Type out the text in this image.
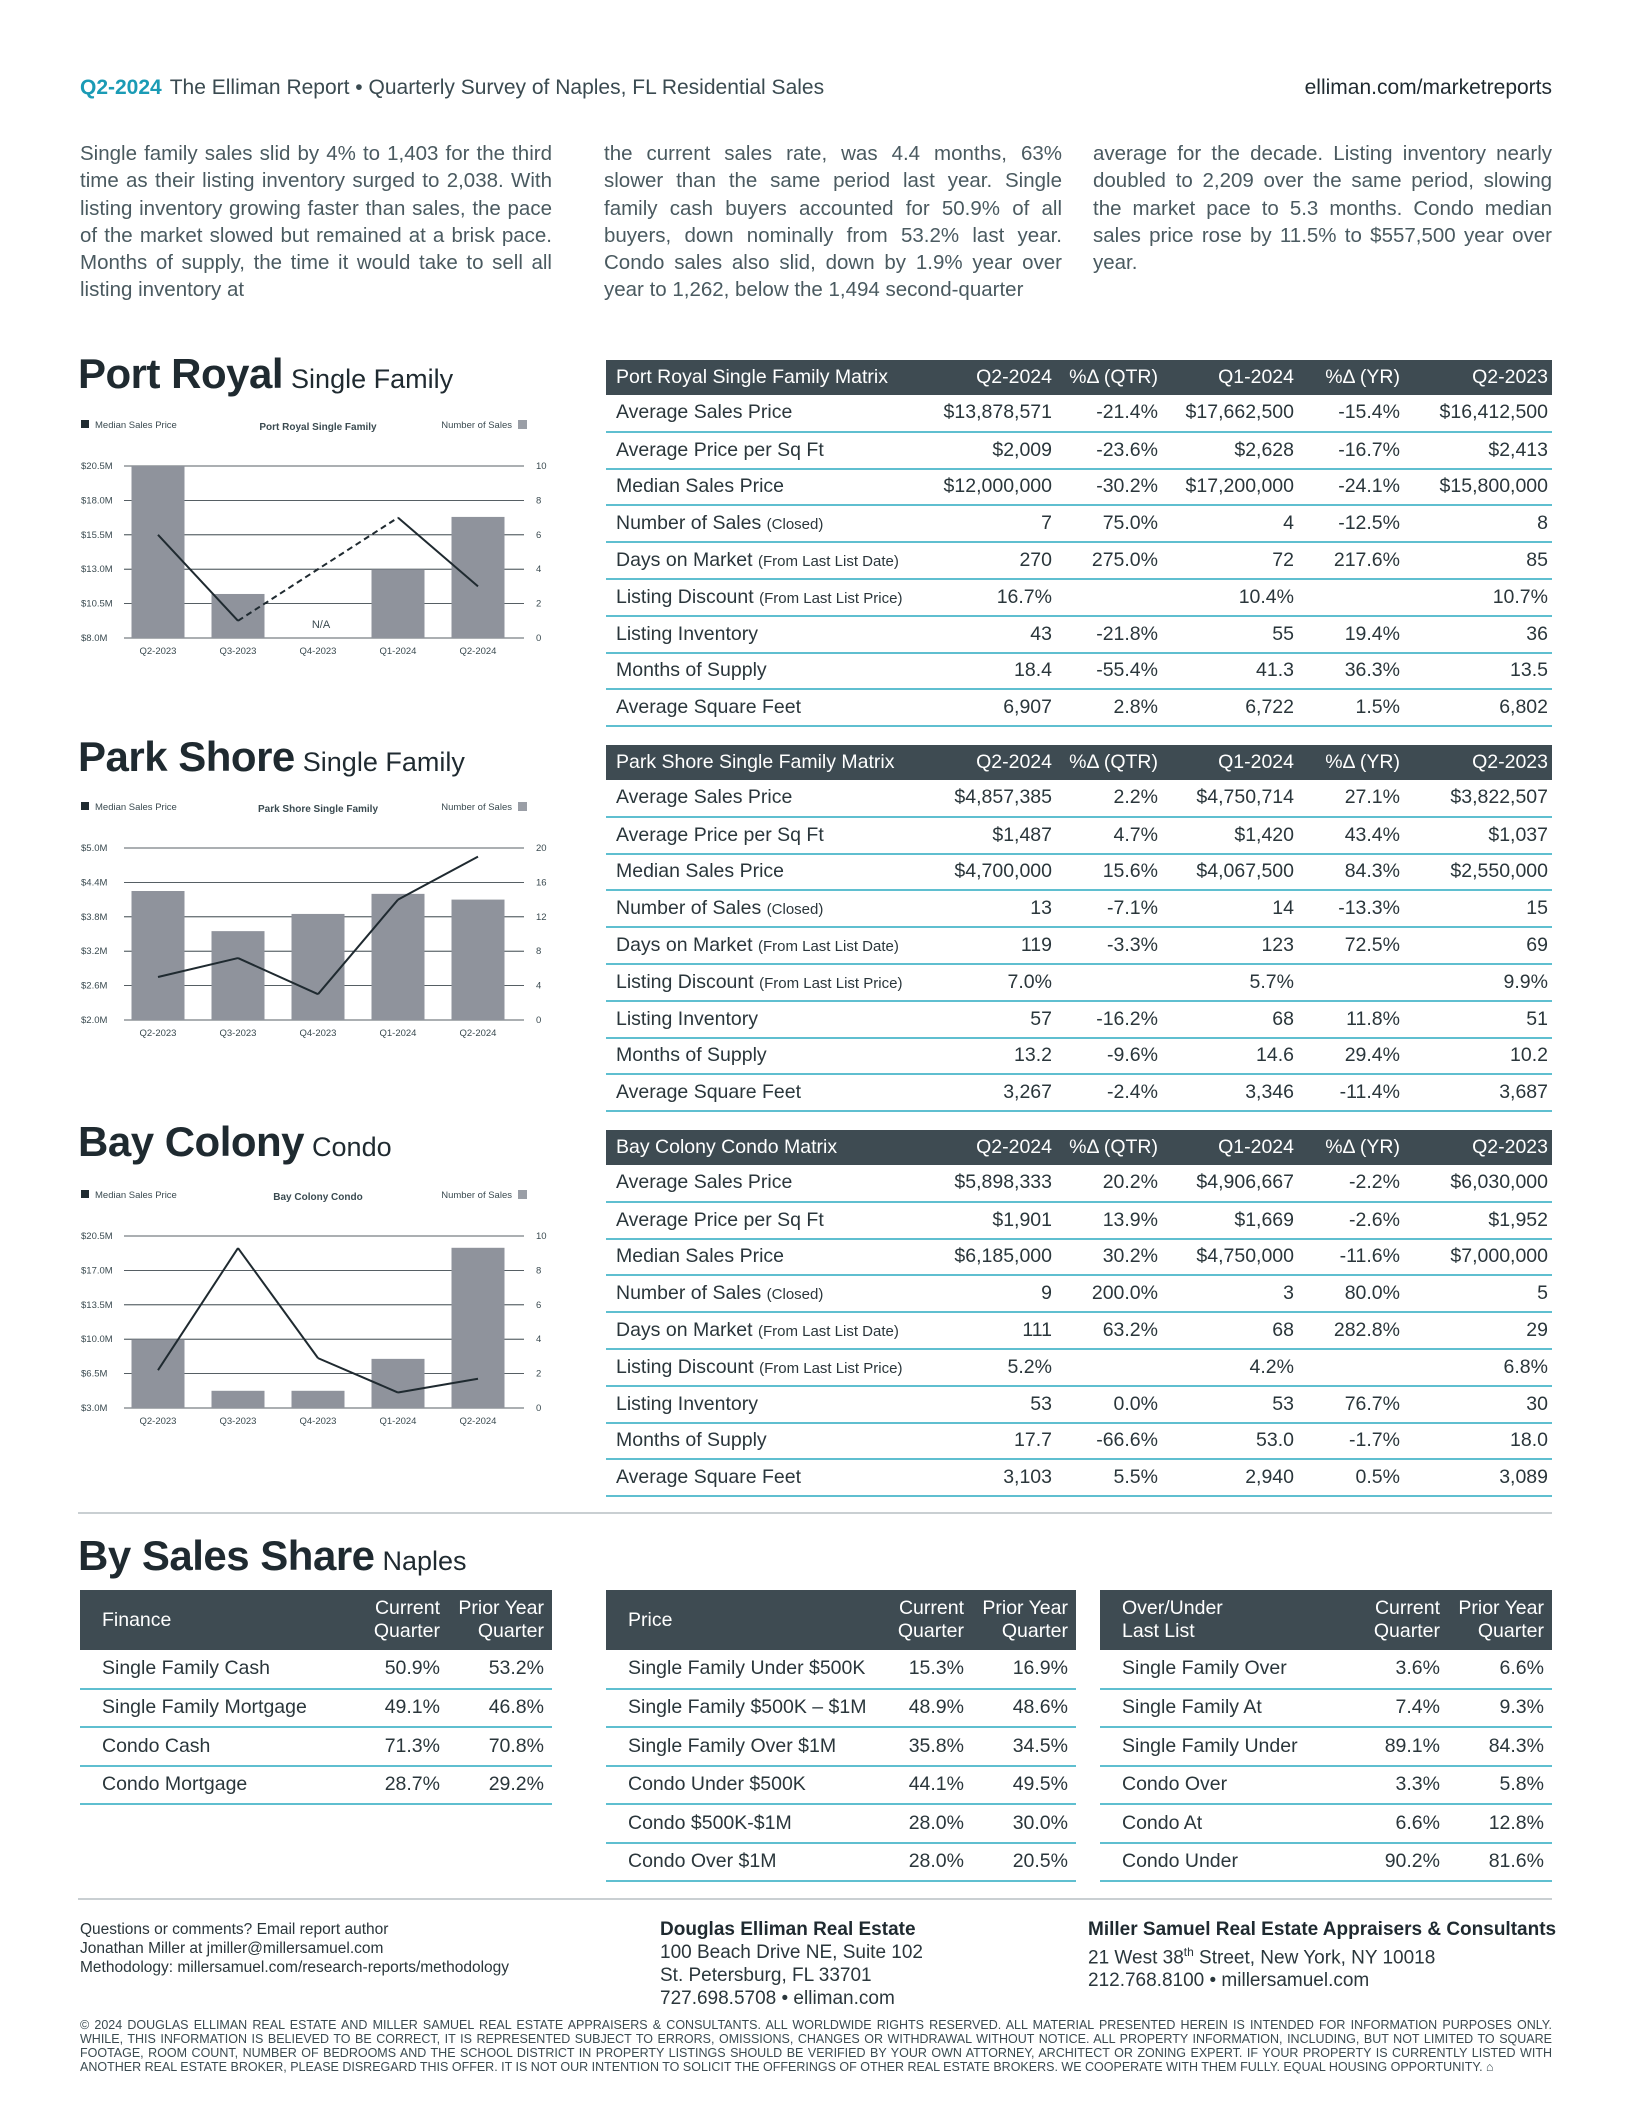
Q2-2024 The Elliman Report • Quarterly Survey of Naples, FL Residential Sales	elliman.com/marketreports

Single family sales slid by 4% to 1,403 for the third time as their listing inventory surged to 2,038. With listing inventory growing faster than sales, the pace of the market slowed but remained at a brisk pace. Months of supply, the time it would take to sell all listing inventory at

the current sales rate, was 4.4 months, 63% slower than the same period last year. Single family cash buyers accounted for 50.9% of all buyers, down nominally from 53.2% last year. Condo sales also slid, down by 1.9% year over year to 1,262, below the 1,494 second-quarter

average for the decade. Listing inventory nearly doubled to 2,209 over the same period, slowing the market pace to 5.3 months. Condo median sales price rose by 11.5% to $557,500 year over year.

Port Royal Single Family
Median Sales Price	Port Royal Single Family	Number of Sales
$8.0M	0
$10.5M	2
$13.0M	4
$15.5M	6
$18.0M	8
$20.5M	10
Q2-2023	Q3-2023	Q4-2023
N/A
Q1-2024	Q2-2024
Port Royal Single Family Matrix	Q2-2024	%Δ (QTR)	Q1-2024	%Δ (YR)	Q2-2023
Average Sales Price	$13,878,571	-21.4%	$17,662,500	-15.4%	$16,412,500
Average Price per Sq Ft	$2,009	-23.6%	$2,628	-16.7%	$2,413
Median Sales Price	$12,000,000	-30.2%	$17,200,000	-24.1%	$15,800,000
Number of Sales (Closed)	7	75.0%	4	-12.5%	8
Days on Market (From Last List Date)	270	275.0%	72	217.6%	85
Listing Discount (From Last List Price)	16.7%		10.4%		10.7%
Listing Inventory	43	-21.8%	55	19.4%	36
Months of Supply	18.4	-55.4%	41.3	36.3%	13.5
Average Square Feet	6,907	2.8%	6,722	1.5%	6,802
Park Shore Single Family
Median Sales Price	Park Shore Single Family	Number of Sales
$2.0M	0
$2.6M	4
$3.2M	8
$3.8M	12
$4.4M	16
$5.0M	20
Q2-2023	Q3-2023	Q4-2023	Q1-2024	Q2-2024
Park Shore Single Family Matrix	Q2-2024	%Δ (QTR)	Q1-2024	%Δ (YR)	Q2-2023
Average Sales Price	$4,857,385	2.2%	$4,750,714	27.1%	$3,822,507
Average Price per Sq Ft	$1,487	4.7%	$1,420	43.4%	$1,037
Median Sales Price	$4,700,000	15.6%	$4,067,500	84.3%	$2,550,000
Number of Sales (Closed)	13	-7.1%	14	-13.3%	15
Days on Market (From Last List Date)	119	-3.3%	123	72.5%	69
Listing Discount (From Last List Price)	7.0%		5.7%		9.9%
Listing Inventory	57	-16.2%	68	11.8%	51
Months of Supply	13.2	-9.6%	14.6	29.4%	10.2
Average Square Feet	3,267	-2.4%	3,346	-11.4%	3,687
Bay Colony Condo
Median Sales Price	Bay Colony Condo	Number of Sales
$3.0M	0
$6.5M	2
$10.0M	4
$13.5M	6
$17.0M	8
$20.5M	10
Q2-2023	Q3-2023	Q4-2023	Q1-2024	Q2-2024
Bay Colony Condo Matrix	Q2-2024	%Δ (QTR)	Q1-2024	%Δ (YR)	Q2-2023
Average Sales Price	$5,898,333	20.2%	$4,906,667	-2.2%	$6,030,000
Average Price per Sq Ft	$1,901	13.9%	$1,669	-2.6%	$1,952
Median Sales Price	$6,185,000	30.2%	$4,750,000	-11.6%	$7,000,000
Number of Sales (Closed)	9	200.0%	3	80.0%	5
Days on Market (From Last List Date)	111	63.2%	68	282.8%	29
Listing Discount (From Last List Price)	5.2%		4.2%		6.8%
Listing Inventory	53	0.0%	53	76.7%	30
Months of Supply	17.7	-66.6%	53.0	-1.7%	18.0
Average Square Feet	3,103	5.5%	2,940	0.5%	3,089
By Sales Share Naples
Finance	Current
Quarter	Prior Year
Quarter
Single Family Cash	50.9%	53.2%
Single Family Mortgage	49.1%	46.8%
Condo Cash	71.3%	70.8%
Condo Mortgage	28.7%	29.2%
Price	Current
Quarter	Prior Year
Quarter
Single Family Under $500K	15.3%	16.9%
Single Family $500K – $1M	48.9%	48.6%
Single Family Over $1M	35.8%	34.5%
Condo Under $500K	44.1%	49.5%
Condo $500K-$1M	28.0%	30.0%
Condo Over $1M	28.0%	20.5%
Over/Under
Last List	Current
Quarter	Prior Year
Quarter
Single Family Over	3.6%	6.6%
Single Family At	7.4%	9.3%
Single Family Under	89.1%	84.3%
Condo Over	3.3%	5.8%
Condo At	6.6%	12.8%
Condo Under	90.2%	81.6%
Questions or comments? Email report author
Jonathan Miller at jmiller@millersamuel.com
Methodology: millersamuel.com/research-reports/methodology
Douglas Elliman Real Estate
100 Beach Drive NE, Suite 102
St. Petersburg, FL 33701
727.698.5708 • elliman.com
Miller Samuel Real Estate Appraisers & Consultants
21 West 38th Street, New York, NY 10018
212.768.8100 • millersamuel.com
© 2024 DOUGLAS ELLIMAN REAL ESTATE AND MILLER SAMUEL REAL ESTATE APPRAISERS & CONSULTANTS. ALL WORLDWIDE RIGHTS RESERVED. ALL MATERIAL PRESENTED HEREIN IS INTENDED FOR INFORMATION PURPOSES ONLY. WHILE, THIS INFORMATION IS BELIEVED TO BE CORRECT, IT IS REPRESENTED SUBJECT TO ERRORS, OMISSIONS, CHANGES OR WITHDRAWAL WITHOUT NOTICE. ALL PROPERTY INFORMATION, INCLUDING, BUT NOT LIMITED TO SQUARE FOOTAGE, ROOM COUNT, NUMBER OF BEDROOMS AND THE SCHOOL DISTRICT IN PROPERTY LISTINGS SHOULD BE VERIFIED BY YOUR OWN ATTORNEY, ARCHITECT OR ZONING EXPERT. IF YOUR PROPERTY IS CURRENTLY LISTED WITH ANOTHER REAL ESTATE BROKER, PLEASE DISREGARD THIS OFFER. IT IS NOT OUR INTENTION TO SOLICIT THE OFFERINGS OF OTHER REAL ESTATE BROKERS. WE COOPERATE WITH THEM FULLY. EQUAL HOUSING OPPORTUNITY. ⌂
